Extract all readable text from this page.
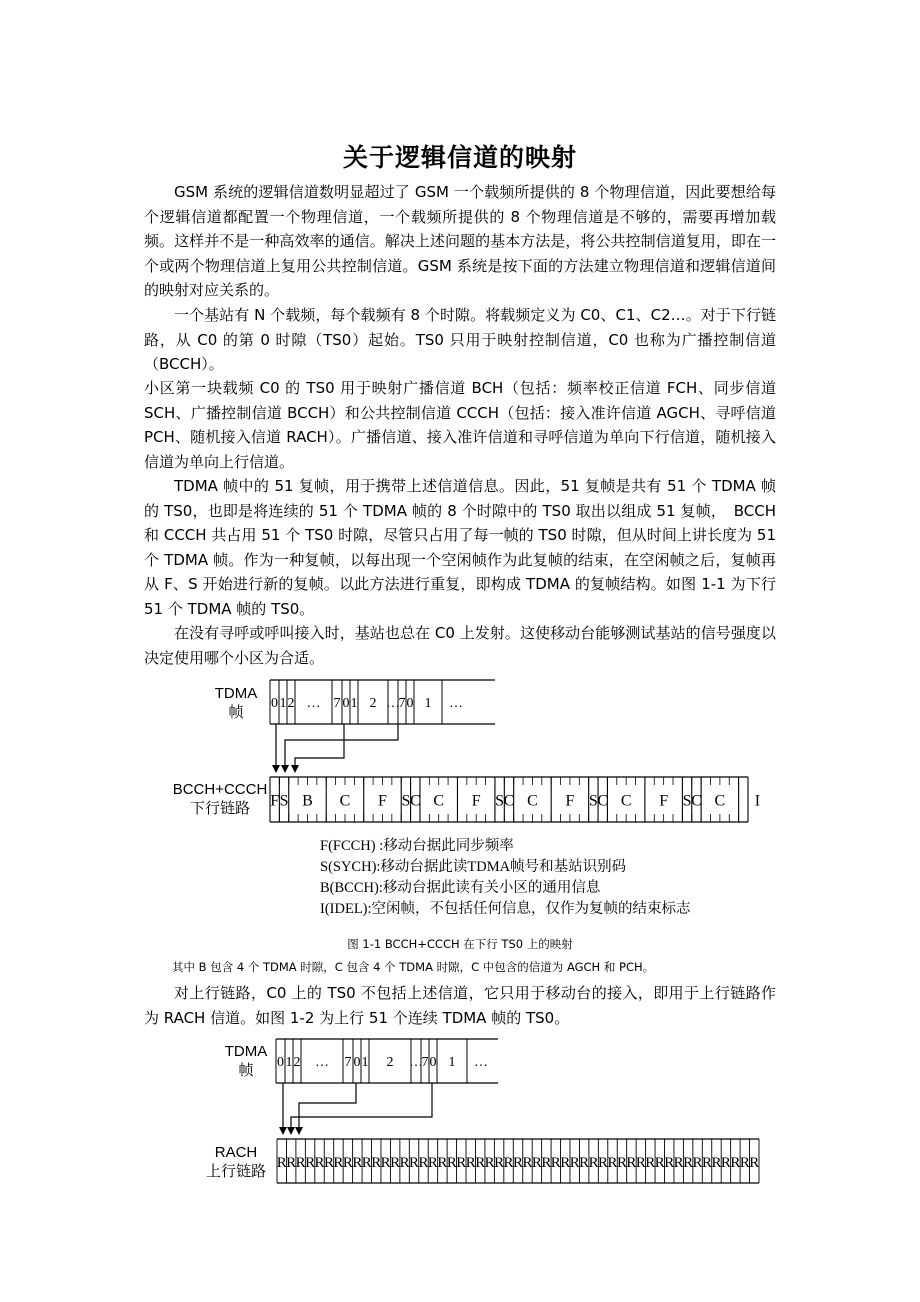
关于逻辑信道的映射

GSM 系统的逻辑信道数明显超过了 GSM 一个载频所提供的 8 个物理信道，因此要想给每个逻辑信道都配置一个物理信道，一个载频所提供的 8 个物理信道是不够的，需要再增加载频。这样并不是一种高效率的通信。解决上述问题的基本方法是，将公共控制信道复用，即在一个或两个物理信道上复用公共控制信道。GSM 系统是按下面的方法建立物理信道和逻辑信道间的映射对应关系的。

一个基站有 N 个载频，每个载频有 8 个时隙。将载频定义为 C0、C1、C2…。对于下行链路，从 C0 的第 0 时隙（TS0）起始。TS0 只用于映射控制信道，C0 也称为广播控制信道（BCCH）。

小区第一块载频 C0 的 TS0 用于映射广播信道 BCH（包括：频率校正信道 FCH、同步信道 SCH、广播控制信道 BCCH）和公共控制信道 CCCH（包括：接入准许信道 AGCH、寻呼信道 PCH、随机接入信道 RACH）。广播信道、接入准许信道和寻呼信道为单向下行信道，随机接入信道为单向上行信道。

TDMA 帧中的 51 复帧，用于携带上述信道信息。因此，51 复帧是共有 51 个 TDMA 帧的 TS0，也即是将连续的 51 个 TDMA 帧的 8 个时隙中的 TS0 取出以组成 51 复帧，　BCCH 和 CCCH 共占用 51 个 TS0 时隙，尽管只占用了每一帧的 TS0 时隙，但从时间上讲长度为 51 个 TDMA 帧。作为一种复帧，以每出现一个空闲帧作为此复帧的结束，在空闲帧之后，复帧再从 F、S 开始进行新的复帧。以此方法进行重复，即构成 TDMA 的复帧结构。如图 1-1 为下行 51 个 TDMA 帧的 TS0。

在没有寻呼或呼叫接入时，基站也总在 C0 上发射。这使移动台能够测试基站的信号强度以决定使用哪个小区为合适。

TDMA
帧
BCCH+CCCH
下行链路
0 1 2 … 7 0 1 2 …
7 0 1 …
F S B C F S C C F S C C F S C C F S C C I
F(FCCH) :移动台据此同步频率
S(SYCH):移动台据此读TDMA帧号和基站识别码
B(BCCH):移动台据此读有关小区的通用信息
I(IDEL):空闲帧，不包括任何信息，仅作为复帧的结束标志
图 1-1 BCCH+CCCH 在下行 TS0 上的映射
其中 B 包含 4 个 TDMA 时隙，C 包含 4 个 TDMA 时隙，C 中包含的信道为 AGCH 和 PCH。

对上行链路，C0 上的 TS0 不包括上述信道，它只用于移动台的接入，即用于上行链路作为 RACH 信道。如图 1-2 为上行 51 个连续 TDMA 帧的 TS0。

TDMA
帧
RACH
上行链路
0 1 2 … 7 0 1 2 …
7 0 1 …
R R R R R R R R R R R R R R R R R R R R R R R R R R R R R R R R R R R R R R R R R R R R R R R R R R R
